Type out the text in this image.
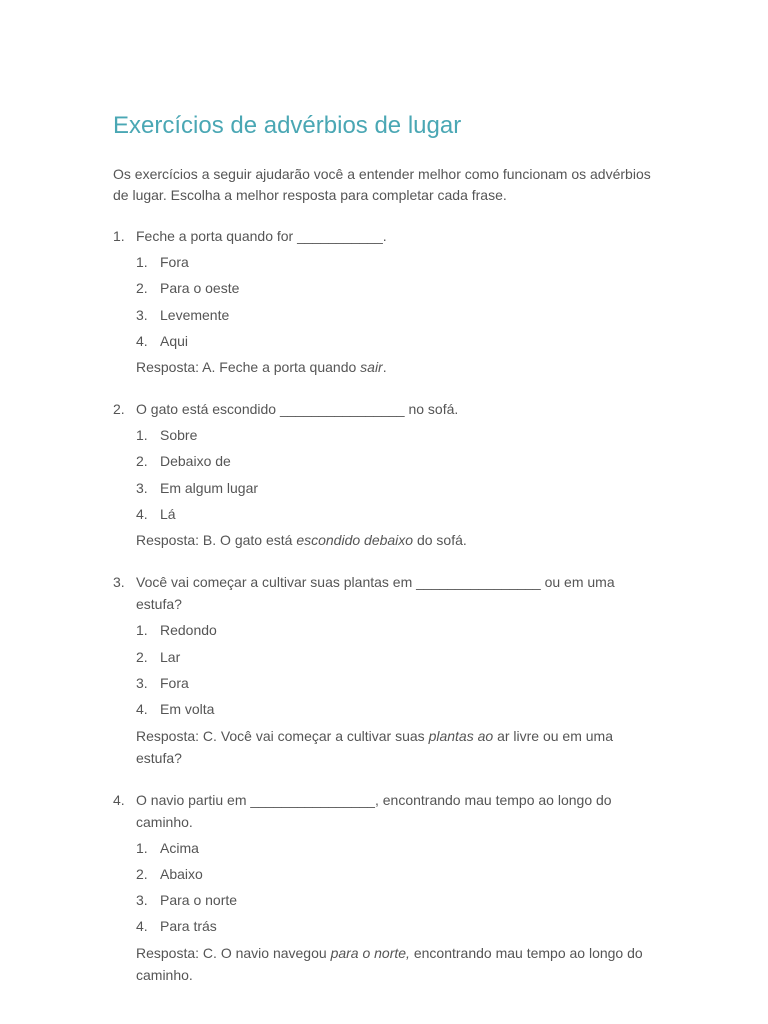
Exercícios de advérbios de lugar

Os exercícios a seguir ajudarão você a entender melhor como funcionam os advérbios de lugar. Escolha a melhor resposta para completar cada frase.

1. Feche a porta quando for ___________.

1. Fora
2. Para o oeste
3. Levemente
4. Aqui

Resposta: A. Feche a porta quando sair.

2. O gato está escondido ________________ no sofá.

1. Sobre
2. Debaixo de
3. Em algum lugar
4. Lá

Resposta: B. O gato está escondido debaixo do sofá.

3. Você vai começar a cultivar suas plantas em ________________ ou em uma estufa?

1. Redondo
2. Lar
3. Fora
4. Em volta

Resposta: C. Você vai começar a cultivar suas plantas ao ar livre ou em uma estufa?

4. O navio partiu em ________________, encontrando mau tempo ao longo do caminho.

1. Acima
2. Abaixo
3. Para o norte
4. Para trás

Resposta: C. O navio navegou para o norte, encontrando mau tempo ao longo do caminho.
